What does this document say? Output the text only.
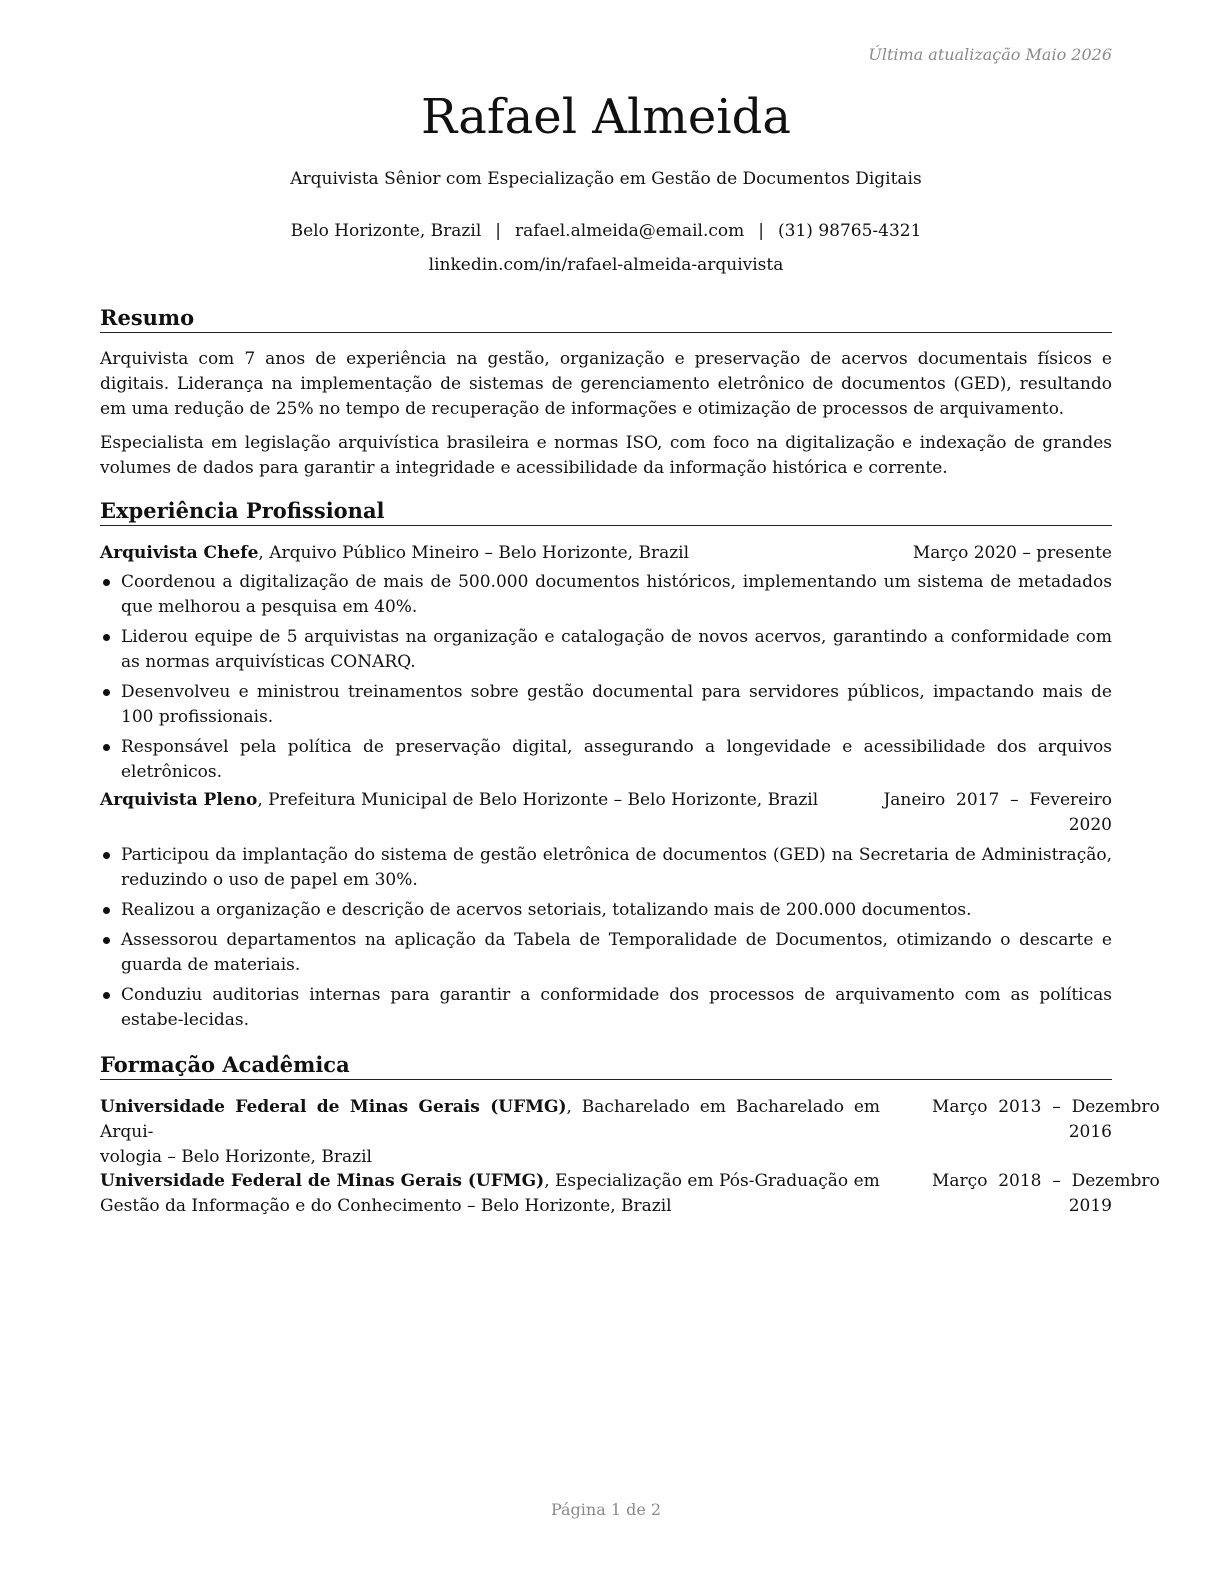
Última atualização Maio 2026
Rafael Almeida
Arquivista Sênior com Especialização em Gestão de Documentos Digitais
Belo Horizonte, Brazil | rafael.almeida@email.com | (31) 98765-4321
linkedin.com/in/rafael-almeida-arquivista
Resumo

Arquivista com 7 anos de experiência na gestão, organização e preservação de acervos documentais físicos e digitais. Liderança na implementação de sistemas de gerenciamento eletrônico de documentos (GED), resultando em uma redução de 25% no tempo de recuperação de informações e otimização de processos de arquivamento.

Especialista em legislação arquivística brasileira e normas ISO, com foco na digitalização e indexação de grandes volumes de dados para garantir a integridade e acessibilidade da informação histórica e corrente.

Experiência Profissional
Arquivista Chefe, Arquivo Público Mineiro – Belo Horizonte, Brazil	Março 2020 – presente
Coordenou a digitalização de mais de 500.000 documentos históricos, implementando um sistema de metadados que melhorou a pesquisa em 40%.
Liderou equipe de 5 arquivistas na organização e catalogação de novos acervos, garantindo a conformidade com as normas arquivísticas CONARQ.
Desenvolveu e ministrou treinamentos sobre gestão documental para servidores públicos, impactando mais de 100 profissionais.
Responsável pela política de preservação digital, assegurando a longevidade e acessibilidade dos arquivos eletrônicos.
Arquivista Pleno, Prefeitura Municipal de Belo Horizonte – Belo Horizonte, Brazil	Janeiro  2017  –  Fevereiro
2020
Participou da implantação do sistema de gestão eletrônica de documentos (GED) na Secretaria de Administração, reduzindo o uso de papel em 30%.
Realizou a organização e descrição de acervos setoriais, totalizando mais de 200.000 documentos.
Assessorou departamentos na aplicação da Tabela de Temporalidade de Documentos, otimizando o descarte e guarda de materiais.
Conduziu auditorias internas para garantir a conformidade dos processos de arquivamento com as políticas estabe-lecidas.
Formação Acadêmica
Universidade Federal de Minas Gerais (UFMG), Bacharelado em Bacharelado em Arqui-
vologia – Belo Horizonte, Brazil
Março  2013  –  Dezembro
2016
Universidade Federal de Minas Gerais (UFMG), Especialização em Pós-Graduação em
Gestão da Informação e do Conhecimento – Belo Horizonte, Brazil
Março  2018  –  Dezembro
2019
Página 1 de 2
